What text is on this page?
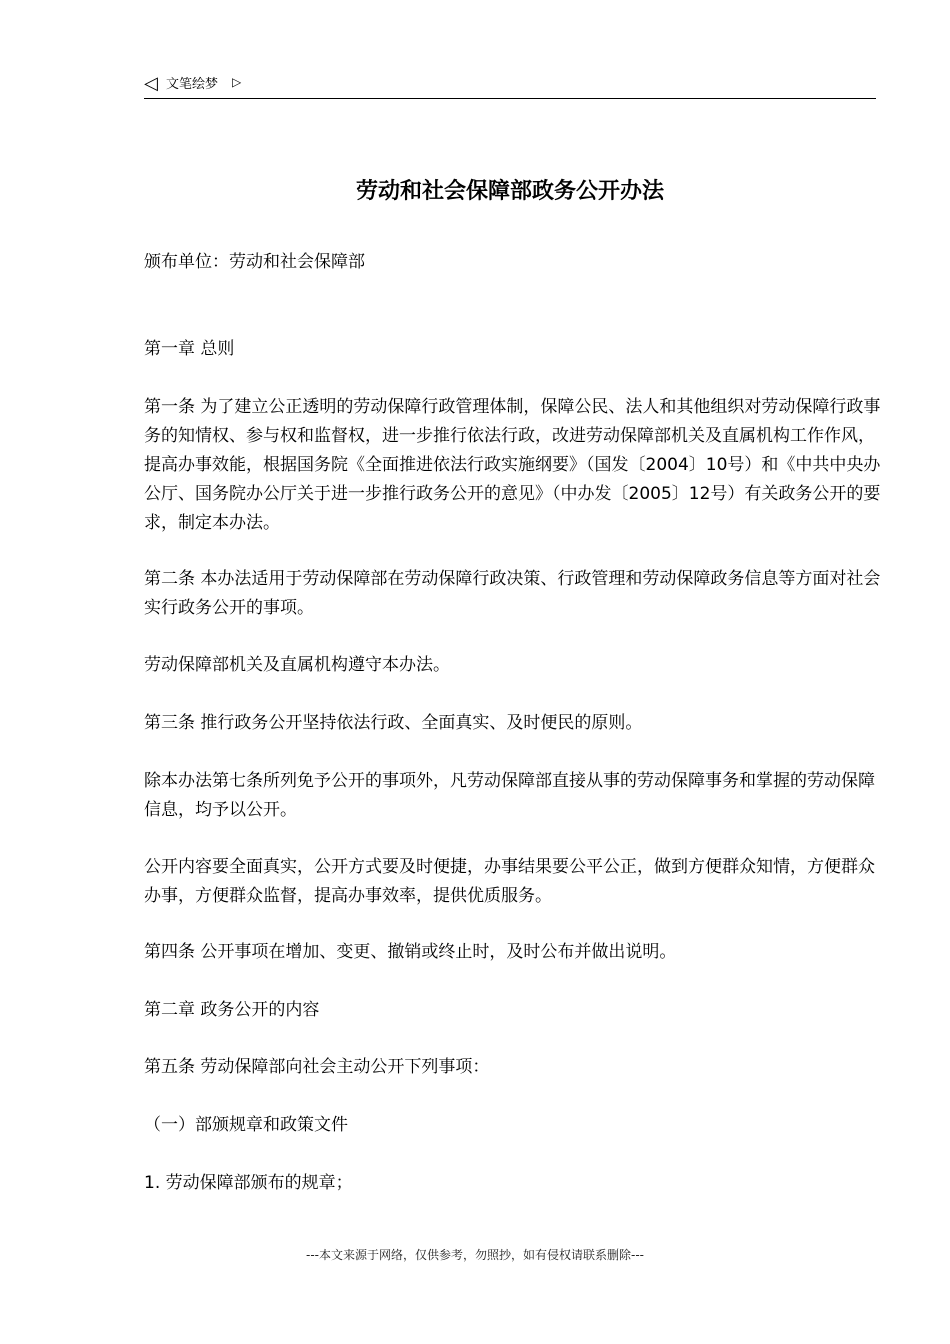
◁ 文笔绘梦 ▷
劳动和社会保障部政务公开办法

颁布单位：劳动和社会保障部

第一章 总则

第一条 为了建立公正透明的劳动保障行政管理体制，保障公民、法人和其他组织对劳动保障行政事务的知情权、参与权和监督权，进一步推行依法行政，改进劳动保障部机关及直属机构工作作风，提高办事效能，根据国务院《全面推进依法行政实施纲要》（国发〔2004〕10号）和《中共中央办公厅、国务院办公厅关于进一步推行政务公开的意见》（中办发〔2005〕12号）有关政务公开的要求，制定本办法。

第二条 本办法适用于劳动保障部在劳动保障行政决策、行政管理和劳动保障政务信息等方面对社会实行政务公开的事项。

劳动保障部机关及直属机构遵守本办法。

第三条 推行政务公开坚持依法行政、全面真实、及时便民的原则。

除本办法第七条所列免予公开的事项外，凡劳动保障部直接从事的劳动保障事务和掌握的劳动保障信息，均予以公开。

公开内容要全面真实，公开方式要及时便捷，办事结果要公平公正，做到方便群众知情，方便群众办事，方便群众监督，提高办事效率，提供优质服务。

第四条 公开事项在增加、变更、撤销或终止时，及时公布并做出说明。

第二章 政务公开的内容

第五条 劳动保障部向社会主动公开下列事项：

（一）部颁规章和政策文件

1. 劳动保障部颁布的规章；

---本文来源于网络，仅供参考，勿照抄，如有侵权请联系删除---
